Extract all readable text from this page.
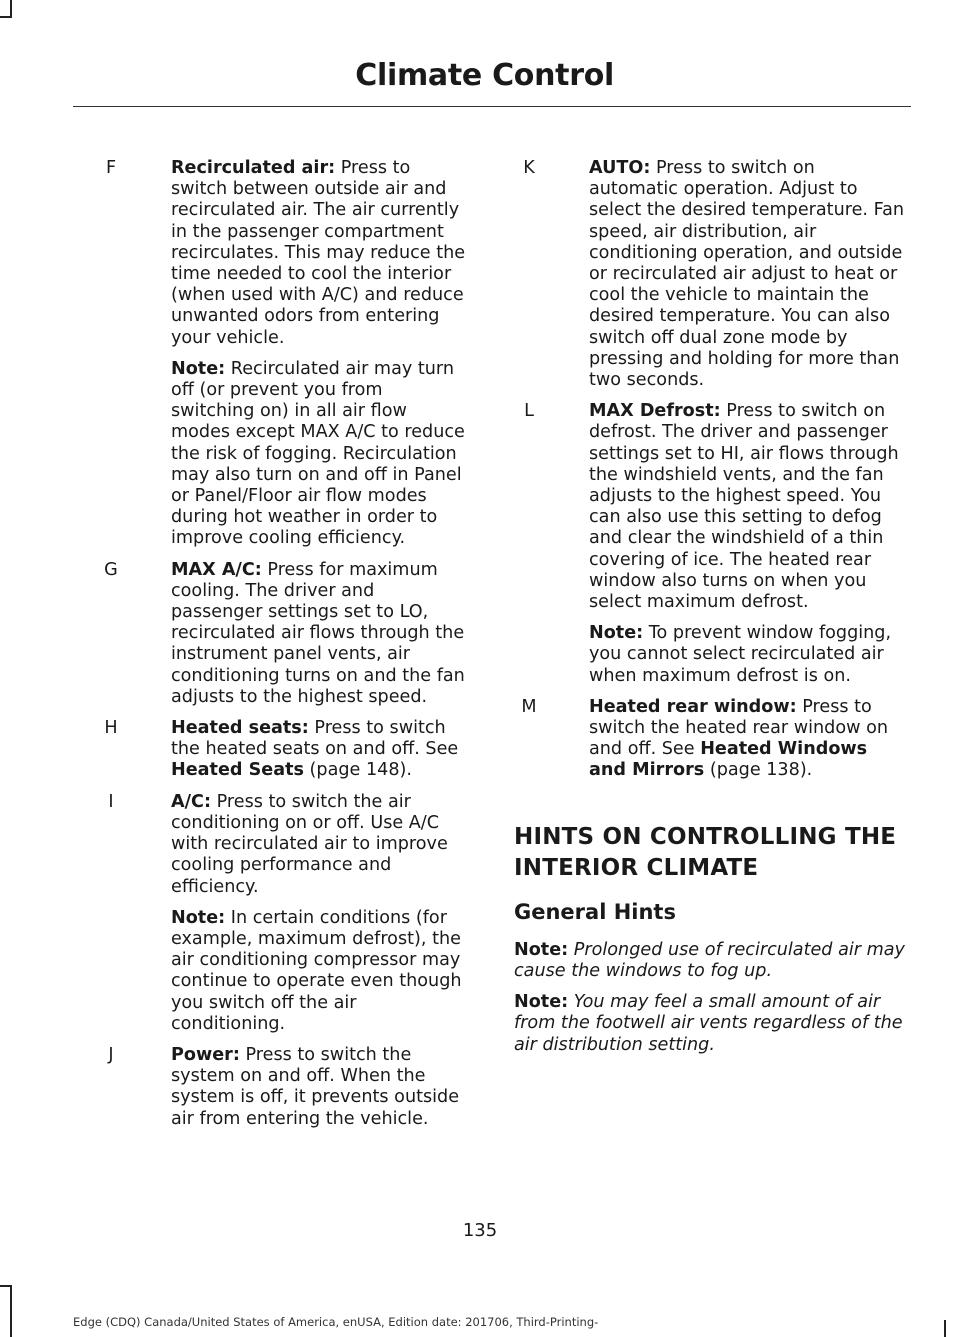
Climate Control
F	Recirculated air: Press to switch between outside air and recirculated air. The air currently in the passenger compartment recirculates. This may reduce the time needed to cool the interior (when used with A/C) and reduce unwanted odors from entering your vehicle.

Note: Recirculated air may turn off (or prevent you from switching on) in all air flow modes except MAX A/C to reduce the risk of fogging. Recirculation may also turn on and off in Panel or Panel/Floor air flow modes during hot weather in order to improve cooling efficiency.

G	MAX A/C: Press for maximum cooling. The driver and passenger settings set to LO, recirculated air flows through the instrument panel vents, air conditioning turns on and the fan adjusts to the highest speed.

H	Heated seats: Press to switch the heated seats on and off. See Heated Seats (page 148).

I	A/C: Press to switch the air conditioning on or off. Use A/C with recirculated air to improve cooling performance and efficiency.

Note: In certain conditions (for example, maximum defrost), the air conditioning compressor may continue to operate even though you switch off the air conditioning.

J	Power: Press to switch the system on and off. When the system is off, it prevents outside air from entering the vehicle.

K	AUTO: Press to switch on automatic operation. Adjust to select the desired temperature. Fan speed, air distribution, air conditioning operation, and outside or recirculated air adjust to heat or cool the vehicle to maintain the desired temperature. You can also switch off dual zone mode by pressing and holding for more than two seconds.

L	MAX Defrost: Press to switch on defrost. The driver and passenger settings set to HI, air flows through the windshield vents, and the fan adjusts to the highest speed. You can also use this setting to defog and clear the windshield of a thin covering of ice. The heated rear window also turns on when you select maximum defrost.

Note: To prevent window fogging, you cannot select recirculated air when maximum defrost is on.

M	Heated rear window: Press to switch the heated rear window on and off. See Heated Windows and Mirrors (page 138).

HINTS ON CONTROLLING THE
INTERIOR CLIMATE
General Hints

Note: Prolonged use of recirculated air may cause the windows to fog up.

Note: You may feel a small amount of air from the footwell air vents regardless of the air distribution setting.

135
Edge (CDQ) Canada/United States of America, enUSA, Edition date: 201706, Third-Printing-
